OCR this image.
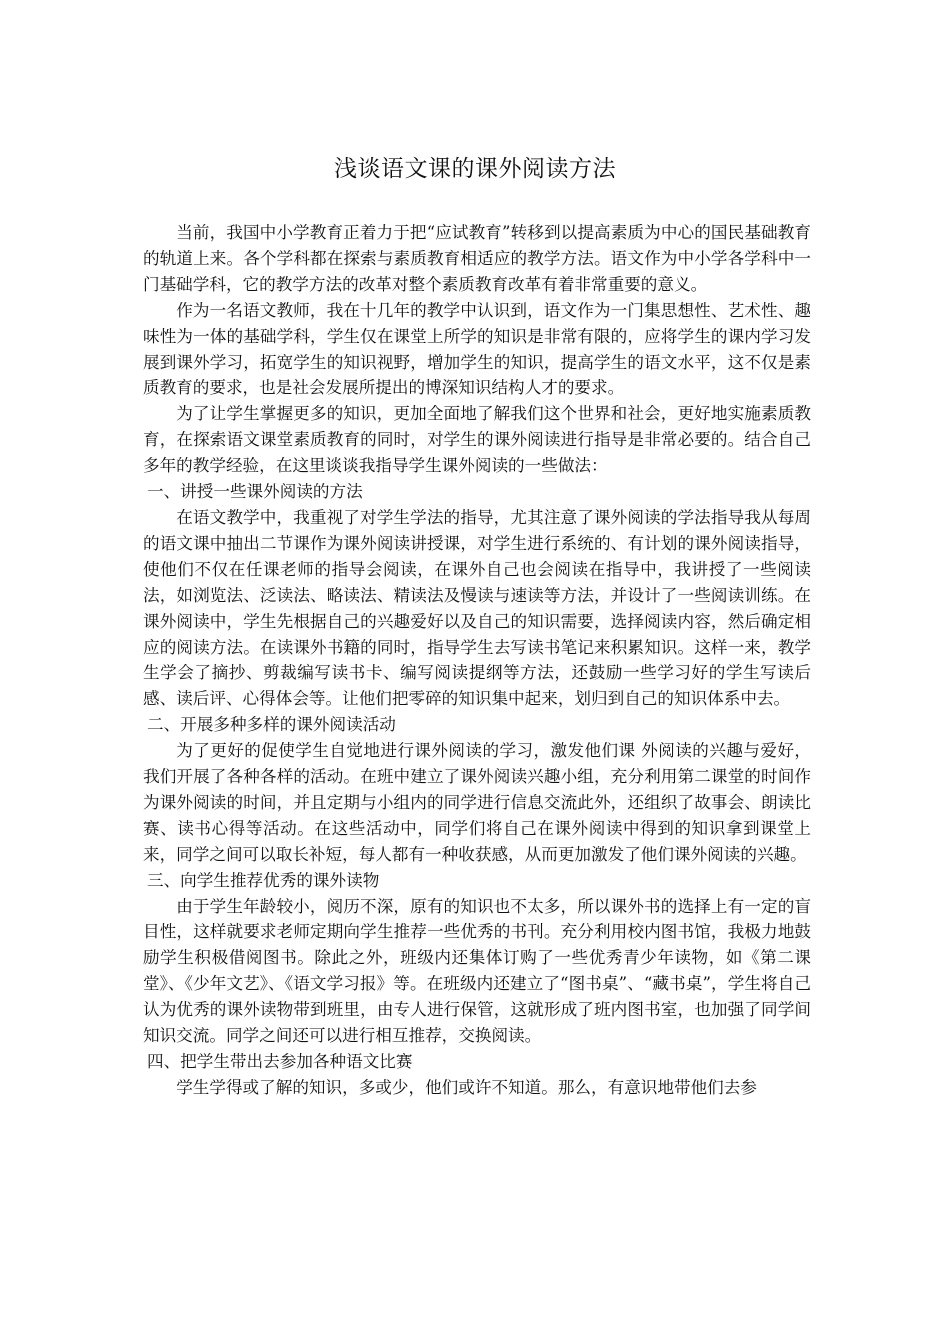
浅谈语文课的课外阅读方法

当前，我国中小学教育正着力于把“应试教育”转移到以提高素质为中心的国民基础教育的轨道上来。各个学科都在探索与素质教育相适应的教学方法。语文作为中小学各学科中一门基础学科，它的教学方法的改革对整个素质教育改革有着非常重要的意义。

作为一名语文教师，我在十几年的教学中认识到，语文作为一门集思想性、艺术性、趣味性为一体的基础学科，学生仅在课堂上所学的知识是非常有限的，应将学生的课内学习发展到课外学习，拓宽学生的知识视野，增加学生的知识，提高学生的语文水平，这不仅是素质教育的要求，也是社会发展所提出的博深知识结构人才的要求。

为了让学生掌握更多的知识，更加全面地了解我们这个世界和社会，更好地实施素质教育，在探索语文课堂素质教育的同时，对学生的课外阅读进行指导是非常必要的。结合自己多年的教学经验，在这里谈谈我指导学生课外阅读的一些做法：

一、讲授一些课外阅读的方法

在语文教学中，我重视了对学生学法的指导，尤其注意了课外阅读的学法指导我从每周的语文课中抽出二节课作为课外阅读讲授课，对学生进行系统的、有计划的课外阅读指导，使他们不仅在任课老师的指导会阅读，在课外自己也会阅读在指导中，我讲授了一些阅读法，如浏览法、泛读法、略读法、精读法及慢读与速读等方法，并设计了一些阅读训练。在课外阅读中，学生先根据自己的兴趣爱好以及自己的知识需要，选择阅读内容，然后确定相应的阅读方法。在读课外书籍的同时，指导学生去写读书笔记来积累知识。这样一来，教学生学会了摘抄、剪裁编写读书卡、编写阅读提纲等方法，还鼓励一些学习好的学生写读后感、读后评、心得体会等。让他们把零碎的知识集中起来，划归到自己的知识体系中去。

二、开展多种多样的课外阅读活动

为了更好的促使学生自觉地进行课外阅读的学习，激发他们课 外阅读的兴趣与爱好，我们开展了各种各样的活动。在班中建立了课外阅读兴趣小组，充分利用第二课堂的时间作为课外阅读的时间，并且定期与小组内的同学进行信息交流此外，还组织了故事会、朗读比赛、读书心得等活动。在这些活动中，同学们将自己在课外阅读中得到的知识拿到课堂上来，同学之间可以取长补短，每人都有一种收获感，从而更加激发了他们课外阅读的兴趣。

三、向学生推荐优秀的课外读物

由于学生年龄较小，阅历不深，原有的知识也不太多，所以课外书的选择上有一定的盲目性，这样就要求老师定期向学生推荐一些优秀的书刊。充分利用校内图书馆，我极力地鼓励学生积极借阅图书。除此之外，班级内还集体订购了一些优秀青少年读物，如《第二课堂》、《少年文艺》、《语文学习报》等。在班级内还建立了“图书桌”、“藏书桌”，学生将自己认为优秀的课外读物带到班里，由专人进行保管，这就形成了班内图书室，也加强了同学间知识交流。同学之间还可以进行相互推荐，交换阅读。

四、把学生带出去参加各种语文比赛

学生学得或了解的知识，多或少，他们或许不知道。那么，有意识地带他们去参
